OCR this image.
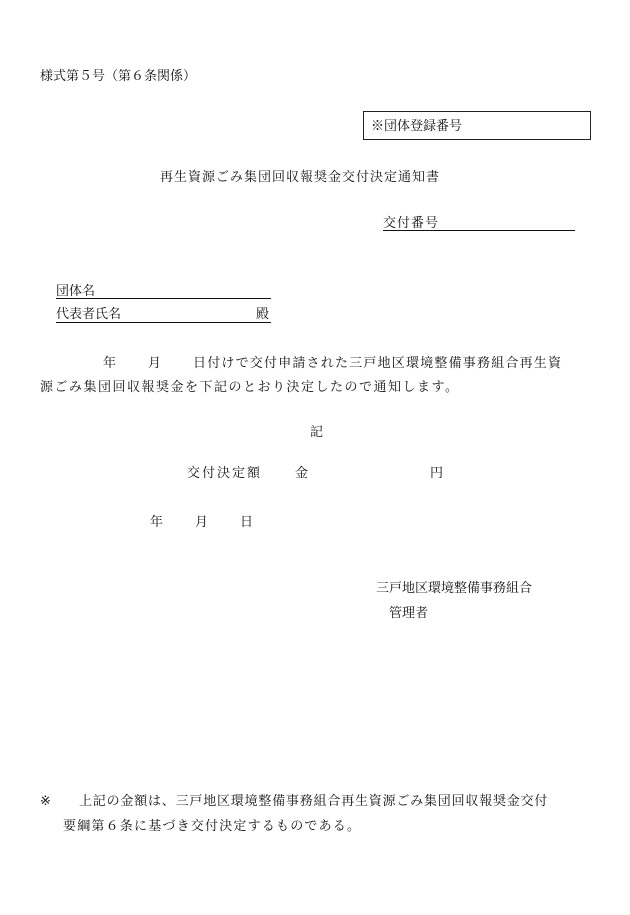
様式第５号（第６条関係）
※団体登録番号
再生資源ごみ集団回収報奨金交付決定通知書
交付番号
団体名
代表者氏名	殿
年 月 日付けで交付申請された三戸地区環境整備事務組合再生資
源ごみ集団回収報奨金を下記のとおり決定したので通知します。
記
交付決定額	金	円
年 月 日
三戸地区環境整備事務組合
管理者
※ 上記の金額は、三戸地区環境整備事務組合再生資源ごみ集団回収報奨金交付
要綱第６条に基づき交付決定するものである。
